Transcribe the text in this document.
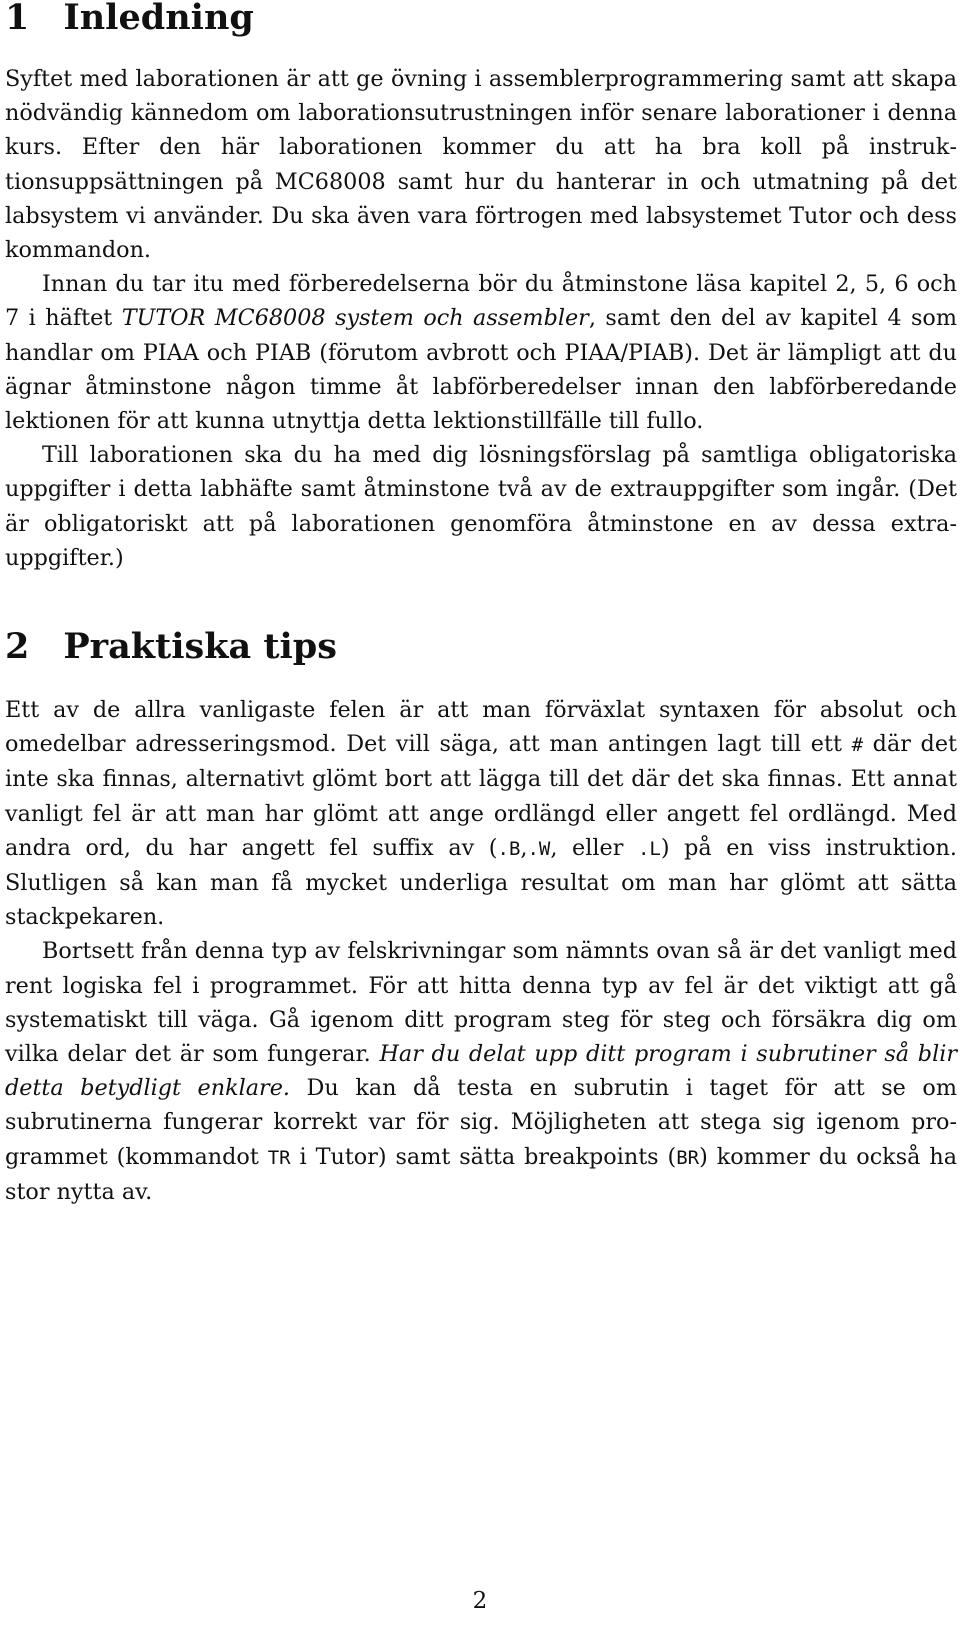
1 Inledning

Syftet med laborationen är att ge övning i assemblerprogrammering samt att skapa nödvändig kännedom om laborationsutrustningen inför senare laborationer i denna kurs. Efter den här laborationen kommer du att ha bra koll på instruktionsuppsättningen på MC68008 samt hur du hanterar in och utmatning på det labsystem vi använder. Du ska även vara förtrogen med labsystemet Tutor och dess kommandon.

Innan du tar itu med förberedelserna bör du åtminstone läsa kapitel 2, 5, 6 och 7 i häftet TUTOR MC68008 system och assembler, samt den del av kapitel 4 som handlar om PIAA och PIAB (förutom avbrott och PIAA/PIAB). Det är lämpligt att du ägnar åtminstone någon timme åt labförberedelser innan den labförberedande lektionen för att kunna utnyttja detta lektionstillfälle till fullo.

Till laborationen ska du ha med dig lösningsförslag på samtliga obligatoriska uppgifter i detta labhäfte samt åtminstone två av de extrauppgifter som ingår. (Det är obligatoriskt att på laborationen genomföra åtminstone en av dessa extrauppgifter.)

2 Praktiska tips

Ett av de allra vanligaste felen är att man förväxlat syntaxen för absolut och omedelbar adresseringsmod. Det vill säga, att man antingen lagt till ett # där det inte ska finnas, alternativt glömt bort att lägga till det där det ska finnas. Ett annat vanligt fel är att man har glömt att ange ordlängd eller angett fel ordlängd. Med andra ord, du har angett fel suffix av (.B,.W, eller .L) på en viss instruktion. Slutligen så kan man få mycket underliga resultat om man har glömt att sätta stackpekaren.

Bortsett från denna typ av felskrivningar som nämnts ovan så är det vanligt med rent logiska fel i programmet. För att hitta denna typ av fel är det viktigt att gå systematiskt till väga. Gå igenom ditt program steg för steg och försäkra dig om vilka delar det är som fungerar. Har du delat upp ditt program i subrutiner så blir detta betydligt enklare. Du kan då testa en subrutin i taget för att se om subrutinerna fungerar korrekt var för sig. Möjligheten att stega sig igenom programmet (kommandot TR i Tutor) samt sätta breakpoints (BR) kommer du också ha stor nytta av.

2
